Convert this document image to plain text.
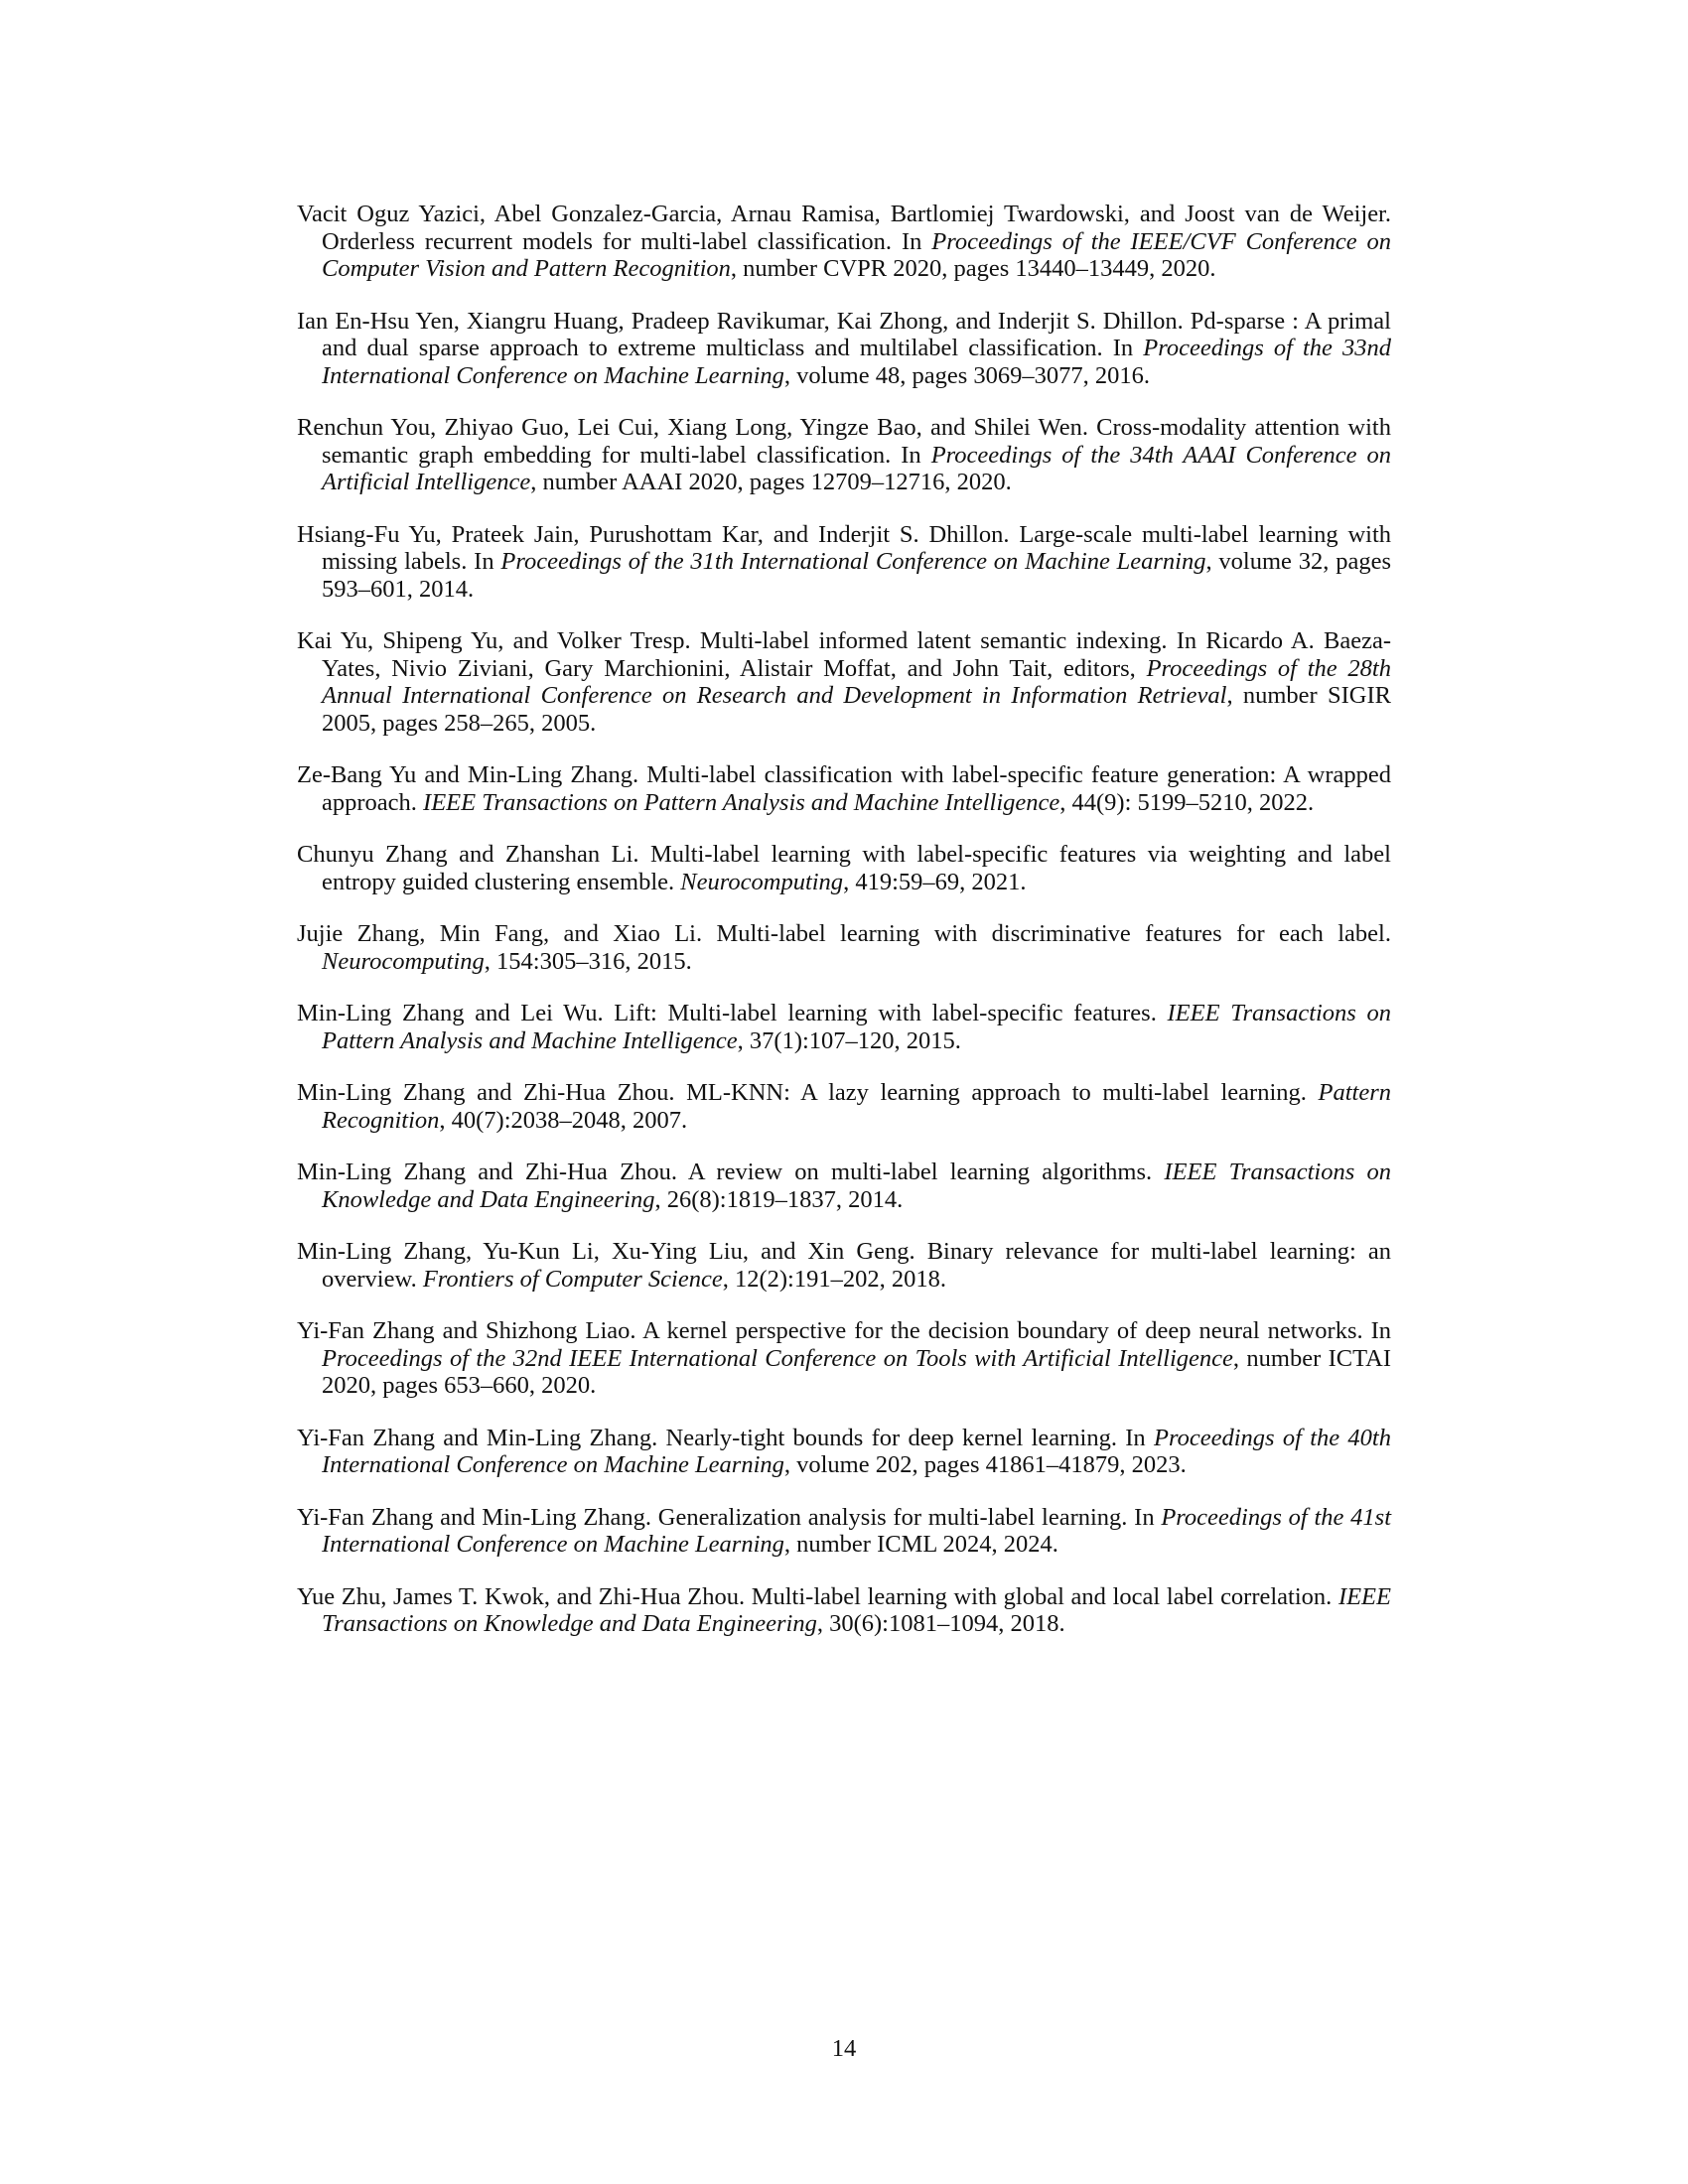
Vacit Oguz Yazici, Abel Gonzalez-Garcia, Arnau Ramisa, Bartlomiej Twardowski, and Joost van de Weijer. Orderless recurrent models for multi-label classification. In Proceedings of the IEEE/CVF Conference on Computer Vision and Pattern Recognition, number CVPR 2020, pages 13440–13449, 2020.

Ian En-Hsu Yen, Xiangru Huang, Pradeep Ravikumar, Kai Zhong, and Inderjit S. Dhillon. Pd-sparse : A primal and dual sparse approach to extreme multiclass and multilabel classification. In Proceedings of the 33nd International Conference on Machine Learning, volume 48, pages 3069–3077, 2016.

Renchun You, Zhiyao Guo, Lei Cui, Xiang Long, Yingze Bao, and Shilei Wen. Cross-modality attention with semantic graph embedding for multi-label classification. In Proceedings of the 34th AAAI Conference on Artificial Intelligence, number AAAI 2020, pages 12709–12716, 2020.

Hsiang-Fu Yu, Prateek Jain, Purushottam Kar, and Inderjit S. Dhillon. Large-scale multi-label learning with missing labels. In Proceedings of the 31th International Conference on Machine Learning, volume 32, pages 593–601, 2014.

Kai Yu, Shipeng Yu, and Volker Tresp. Multi-label informed latent semantic indexing. In Ricardo A. Baeza-Yates, Nivio Ziviani, Gary Marchionini, Alistair Moffat, and John Tait, editors, Proceedings of the 28th Annual International Conference on Research and Development in Information Retrieval, number SIGIR 2005, pages 258–265, 2005.

Ze-Bang Yu and Min-Ling Zhang. Multi-label classification with label-specific feature generation: A wrapped approach. IEEE Transactions on Pattern Analysis and Machine Intelligence, 44(9): 5199–5210, 2022.

Chunyu Zhang and Zhanshan Li. Multi-label learning with label-specific features via weighting and label entropy guided clustering ensemble. Neurocomputing, 419:59–69, 2021.

Jujie Zhang, Min Fang, and Xiao Li. Multi-label learning with discriminative features for each label. Neurocomputing, 154:305–316, 2015.

Min-Ling Zhang and Lei Wu. Lift: Multi-label learning with label-specific features. IEEE Transactions on Pattern Analysis and Machine Intelligence, 37(1):107–120, 2015.

Min-Ling Zhang and Zhi-Hua Zhou. ML-KNN: A lazy learning approach to multi-label learning. Pattern Recognition, 40(7):2038–2048, 2007.

Min-Ling Zhang and Zhi-Hua Zhou. A review on multi-label learning algorithms. IEEE Transactions on Knowledge and Data Engineering, 26(8):1819–1837, 2014.

Min-Ling Zhang, Yu-Kun Li, Xu-Ying Liu, and Xin Geng. Binary relevance for multi-label learning: an overview. Frontiers of Computer Science, 12(2):191–202, 2018.

Yi-Fan Zhang and Shizhong Liao. A kernel perspective for the decision boundary of deep neural networks. In Proceedings of the 32nd IEEE International Conference on Tools with Artificial Intelligence, number ICTAI 2020, pages 653–660, 2020.

Yi-Fan Zhang and Min-Ling Zhang. Nearly-tight bounds for deep kernel learning. In Proceedings of the 40th International Conference on Machine Learning, volume 202, pages 41861–41879, 2023.

Yi-Fan Zhang and Min-Ling Zhang. Generalization analysis for multi-label learning. In Proceedings of the 41st International Conference on Machine Learning, number ICML 2024, 2024.

Yue Zhu, James T. Kwok, and Zhi-Hua Zhou. Multi-label learning with global and local label correlation. IEEE Transactions on Knowledge and Data Engineering, 30(6):1081–1094, 2018.

14
